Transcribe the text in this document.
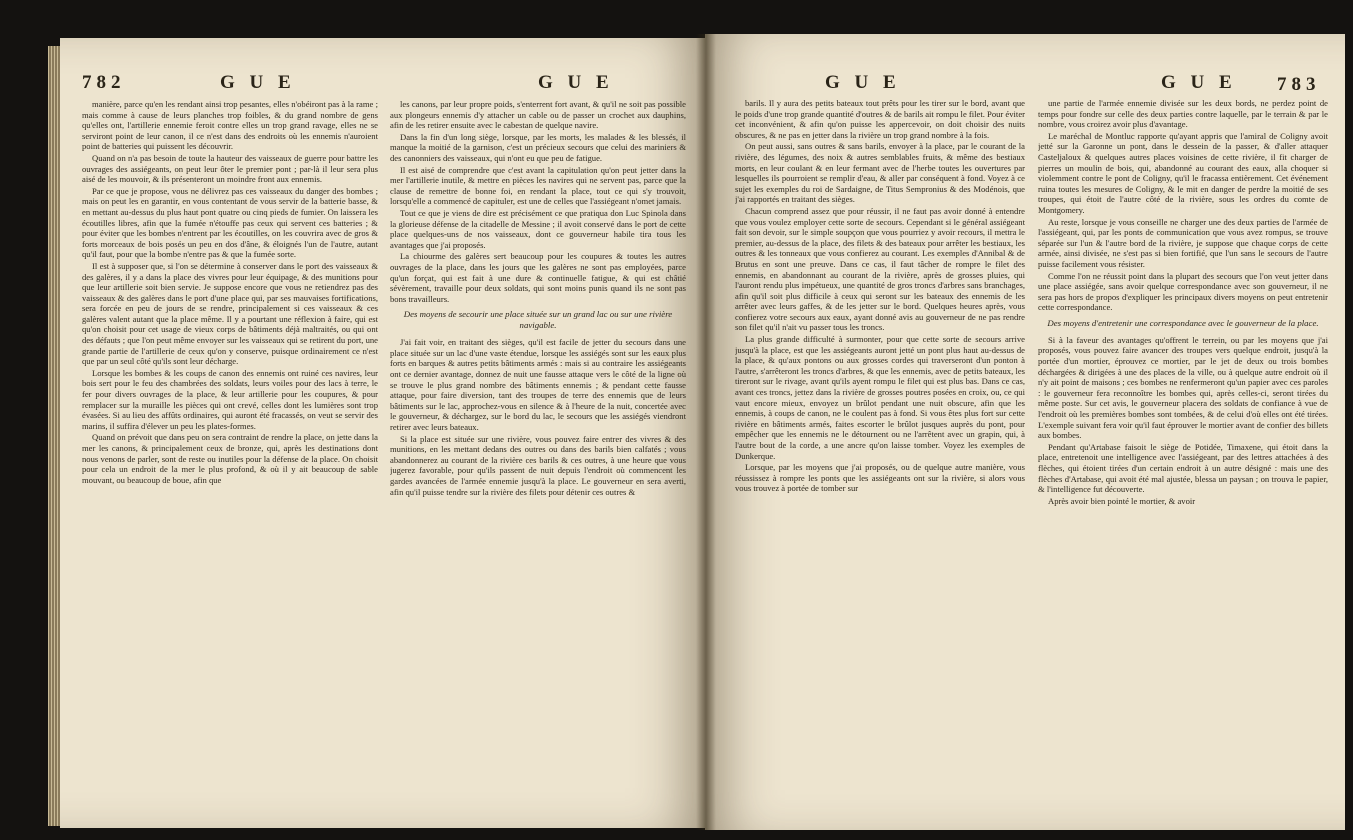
782	G U E	G U E

manière, parce qu'en les rendant ainsi trop pesantes, elles n'obéiront pas à la rame ; mais comme à cause de leurs planches trop foibles, & du grand nombre de gens qu'elles ont, l'artillerie ennemie feroit contre elles un trop grand ravage, elles ne se serviront point de leur canon, il ce n'est dans des endroits où les ennemis n'auroient point de batteries qui puissent les découvrir.

Quand on n'a pas besoin de toute la hauteur des vaisseaux de guerre pour battre les ouvrages des assiégeants, on peut leur ôter le premier pont ; par-là il leur sera plus aisé de les mouvoir, & ils présenteront un moindre front aux ennemis.

Par ce que je propose, vous ne délivrez pas ces vaisseaux du danger des bombes ; mais on peut les en garantir, en vous contentant de vous servir de la batterie basse, & en mettant au-dessus du plus haut pont quatre ou cinq pieds de fumier. On laissera les écoutilles libres, afin que la fumée n'étouffe pas ceux qui servent ces batteries ; & pour éviter que les bombes n'entrent par les écoutilles, on les couvrira avec de gros & forts morceaux de bois posés un peu en dos d'âne, & éloignés l'un de l'autre, autant qu'il faut, pour que la bombe n'entre pas & que la fumée sorte.

Il est à supposer que, si l'on se détermine à conserver dans le port des vaisseaux & des galères, il y a dans la place des vivres pour leur équipage, & des munitions pour que leur artillerie soit bien servie. Je suppose encore que vous ne retiendrez pas des vaisseaux & des galères dans le port d'une place qui, par ses mauvaises fortifications, sera forcée en peu de jours de se rendre, principalement si ces vaisseaux & ces galères valent autant que la place même. Il y a pourtant une réflexion à faire, qui est qu'on choisit pour cet usage de vieux corps de bâtiments déjà maltraités, ou qui ont des défauts ; que l'on peut même envoyer sur les vaisseaux qui se retirent du port, une grande partie de l'artillerie de ceux qu'on y conserve, puisque ordinairement ce n'est que par un seul côté qu'ils sont leur décharge.

Lorsque les bombes & les coups de canon des ennemis ont ruiné ces navires, leur bois sert pour le feu des chambrées des soldats, leurs voiles pour des lacs à terre, le fer pour divers ouvrages de la place, & leur artillerie pour les coupures, & pour remplacer sur la muraille les pièces qui ont crevé, celles dont les lumières sont trop évasées. Si au lieu des affûts ordinaires, qui auront été fracassés, on veut se servir des marins, il suffira d'élever un peu les plates-formes.

Quand on prévoit que dans peu on sera contraint de rendre la place, on jette dans la mer les canons, & principalement ceux de bronze, qui, après les destinations dont nous venons de parler, sont de reste ou inutiles pour la défense de la place. On choisit pour cela un endroit de la mer le plus profond, & où il y ait beaucoup de sable mouvant, ou beaucoup de boue, afin que

les canons, par leur propre poids, s'enterrent fort avant, & qu'il ne soit pas possible aux plongeurs ennemis d'y attacher un cable ou de passer un crochet aux dauphins, afin de les retirer ensuite avec le cabestan de quelque navire.

Dans la fin d'un long siège, lorsque, par les morts, les malades & les blessés, il manque la moitié de la garnison, c'est un précieux secours que celui des mariniers & des canonniers des vaisseaux, qui n'ont eu que peu de fatigue.

Il est aisé de comprendre que c'est avant la capitulation qu'on peut jetter dans la mer l'artillerie inutile, & mettre en pièces les navires qui ne servent pas, parce que la clause de remettre de bonne foi, en rendant la place, tout ce qui s'y trouvoit, lorsqu'elle a commencé de capituler, est une de celles que l'assiégeant n'omet jamais.

Tout ce que je viens de dire est précisément ce que pratiqua don Luc Spinola dans la glorieuse défense de la citadelle de Messine ; il avoit conservé dans le port de cette place quelques-uns de nos vaisseaux, dont ce gouverneur habile tira tous les avantages que j'ai proposés.

La chiourme des galères sert beaucoup pour les coupures & toutes les autres ouvrages de la place, dans les jours que les galères ne sont pas employées, parce qu'un forçat, qui est fait à une dure & continuelle fatigue, & qui est châtié sévèrement, travaille pour deux soldats, qui sont moins punis quand ils ne sont pas bons travailleurs.

Des moyens de secourir une place située sur un grand lac ou sur une rivière navigable.

J'ai fait voir, en traitant des sièges, qu'il est facile de jetter du secours dans une place située sur un lac d'une vaste étendue, lorsque les assiégés sont sur les eaux plus forts en barques & autres petits bâtiments armés : mais si au contraire les assiégeants ont ce dernier avantage, donnez de nuit une fausse attaque vers le côté de la ligne où se trouve le plus grand nombre des bâtiments ennemis ; & pendant cette fausse attaque, pour faire diversion, tant des troupes de terre des ennemis que de leurs bâtiments sur le lac, approchez-vous en silence & à l'heure de la nuit, concertée avec le gouverneur, & déchargez, sur le bord du lac, le secours que les assiégés viendront retirer avec leurs bateaux.

Si la place est située sur une rivière, vous pouvez faire entrer des vivres & des munitions, en les mettant dedans des outres ou dans des barils bien calfatés ; vous abandonnerez au courant de la rivière ces barils & ces outres, à une heure que vous jugerez favorable, pour qu'ils passent de nuit depuis l'endroit où commencent les gardes avancées de l'armée ennemie jusqu'à la place. Le gouverneur en sera averti, afin qu'il puisse tendre sur la rivière des filets pour détenir ces outres &

G U E	G U E 783

barils. Il y aura des petits bateaux tout prêts pour les tirer sur le bord, avant que le poids d'une trop grande quantité d'outres & de barils ait rompu le filet. Pour éviter cet inconvénient, & afin qu'on puisse les appercevoir, on doit choisir des nuits obscures, & ne pas en jetter dans la rivière un trop grand nombre à la fois.

On peut aussi, sans outres & sans barils, envoyer à la place, par le courant de la rivière, des légumes, des noix & autres semblables fruits, & même des bestiaux morts, en leur coulant & en leur fermant avec de l'herbe toutes les ouvertures par lesquelles ils pourroient se remplir d'eau, & aller par conséquent à fond. Voyez à ce sujet les exemples du roi de Sardaigne, de Titus Sempronius & des Modénois, que j'ai rapportés en traitant des sièges.

Chacun comprend assez que pour réussir, il ne faut pas avoir donné à entendre que vous voulez employer cette sorte de secours. Cependant si le général assiégeant fait son devoir, sur le simple soupçon que vous pourriez y avoir recours, il mettra le premier, au-dessus de la place, des filets & des bateaux pour arrêter les bestiaux, les outres & les tonneaux que vous confierez au courant. Les exemples d'Annibal & de Brutus en sont une preuve. Dans ce cas, il faut tâcher de rompre le filet des ennemis, en abandonnant au courant de la rivière, après de grosses pluies, qui l'auront rendu plus impétueux, une quantité de gros troncs d'arbres sans branchages, afin qu'il soit plus difficile à ceux qui seront sur les bateaux des ennemis de les arrêter avec leurs gaffes, & de les jetter sur le bord. Quelques heures après, vous confierez votre secours aux eaux, ayant donné avis au gouverneur de ne pas rendre son filet qu'il n'ait vu passer tous les troncs.

La plus grande difficulté à surmonter, pour que cette sorte de secours arrive jusqu'à la place, est que les assiégeants auront jetté un pont plus haut au-dessus de la place, & qu'aux pontons ou aux grosses cordes qui traverseront d'un ponton à l'autre, s'arrêteront les troncs d'arbres, & que les ennemis, avec de petits bateaux, les tireront sur le rivage, avant qu'ils ayent rompu le filet qui est plus bas. Dans ce cas, avant ces troncs, jettez dans la rivière de grosses poutres posées en croix, ou, ce qui vaut encore mieux, envoyez un brûlot pendant une nuit obscure, afin que les ennemis, à coups de canon, ne le coulent pas à fond. Si vous êtes plus fort sur cette rivière en bâtiments armés, faites escorter le brûlot jusques auprès du pont, pour empêcher que les ennemis ne le détournent ou ne l'arrêtent avec un grapin, qui, à l'autre bout de la corde, a une ancre qu'on laisse tomber. Voyez les exemples de Dunkerque.

Lorsque, par les moyens que j'ai proposés, ou de quelque autre manière, vous réussissez à rompre les ponts que les assiégeants ont sur la rivière, si alors vous vous trouvez à portée de tomber sur

une partie de l'armée ennemie divisée sur les deux bords, ne perdez point de temps pour fondre sur celle des deux parties contre laquelle, par le terrain & par le nombre, vous croirez avoir plus d'avantage.

Le maréchal de Montluc rapporte qu'ayant appris que l'amiral de Coligny avoit jetté sur la Garonne un pont, dans le dessein de la passer, & d'aller attaquer Casteljaloux & quelques autres places voisines de cette rivière, il fit charger de pierres un moulin de bois, qui, abandonné au courant des eaux, alla choquer si violemment contre le pont de Coligny, qu'il le fracassa entièrement. Cet événement ruina toutes les mesures de Coligny, & le mit en danger de perdre la moitié de ses troupes, qui étoit de l'autre côté de la rivière, sous les ordres du comte de Montgomery.

Au reste, lorsque je vous conseille ne charger une des deux parties de l'armée de l'assiégeant, qui, par les ponts de communication que vous avez rompus, se trouve séparée sur l'un & l'autre bord de la rivière, je suppose que chaque corps de cette armée, ainsi divisée, ne s'est pas si bien fortifié, que l'un sans le secours de l'autre puisse facilement vous résister.

Comme l'on ne réussit point dans la plupart des secours que l'on veut jetter dans une place assiégée, sans avoir quelque correspondance avec son gouverneur, il ne sera pas hors de propos d'expliquer les principaux divers moyens on peut entretenir cette correspondance.

Des moyens d'entretenir une correspondance avec le gouverneur de la place.

Si à la faveur des avantages qu'offrent le terrein, ou par les moyens que j'ai proposés, vous pouvez faire avancer des troupes vers quelque endroit, jusqu'à la portée d'un mortier, éprouvez ce mortier, par le jet de deux ou trois bombes déchargées & dirigées à une des places de la ville, ou à quelque autre endroit où il n'y ait point de maisons ; ces bombes ne renfermeront qu'un papier avec ces paroles : le gouverneur fera reconnoître les bombes qui, après celles-ci, seront tirées du même poste. Sur cet avis, le gouverneur placera des soldats de confiance à vue de l'endroit où les premières bombes sont tombées, & de celui d'où elles ont été tirées. L'exemple suivant fera voir qu'il faut éprouver le mortier avant de confier des billets aux bombes.

Pendant qu'Artabase faisoit le siège de Potidée, Timaxene, qui étoit dans la place, entretenoit une intelligence avec l'assiégeant, par des lettres attachées à des flèches, qui étoient tirées d'un certain endroit à un autre désigné : mais une des flèches d'Artabase, qui avoit été mal ajustée, blessa un paysan ; on trouva le papier, & l'intelligence fut découverte.

Après avoir bien pointé le mortier, & avoir
